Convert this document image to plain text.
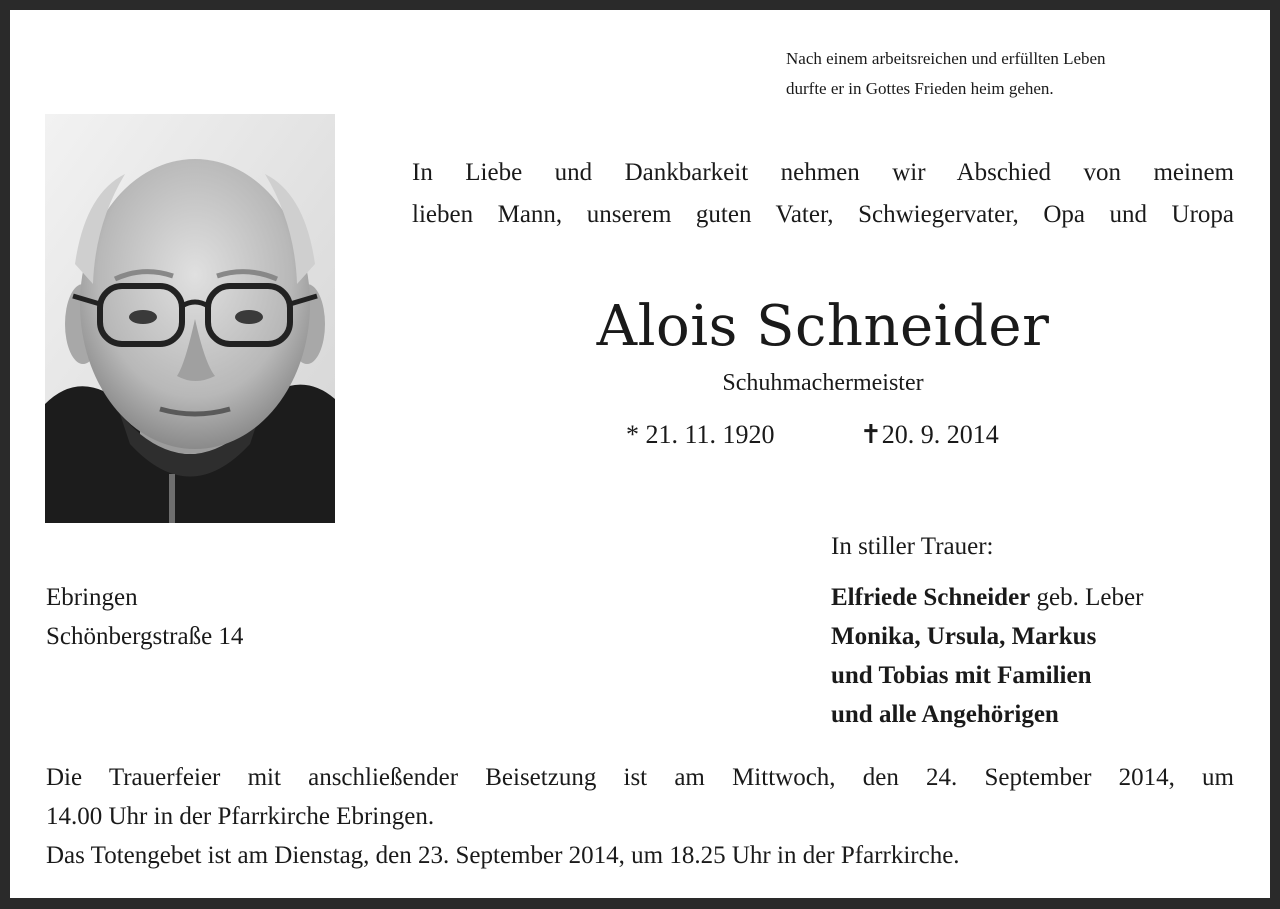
Nach einem arbeitsreichen und erfüllten Leben
durfte er in Gottes Frieden heim gehen.
In Liebe und Dankbarkeit nehmen wir Abschied von meinem
lieben Mann, unserem guten Vater, Schwiegervater, Opa und Uropa
Alois Schneider
Schuhmachermeister
* 21. 11. 1920	✝20. 9. 2014
Ebringen
Schönbergstraße 14
In stiller Trauer:
Elfriede Schneider geb. Leber
Monika, Ursula, Markus
und Tobias mit Familien
und alle Angehörigen
Die Trauerfeier mit anschließender Beisetzung ist am Mittwoch, den 24. September 2014, um
14.00 Uhr in der Pfarrkirche Ebringen.
Das Totengebet ist am Dienstag, den 23. September 2014, um 18.25 Uhr in der Pfarrkirche.
